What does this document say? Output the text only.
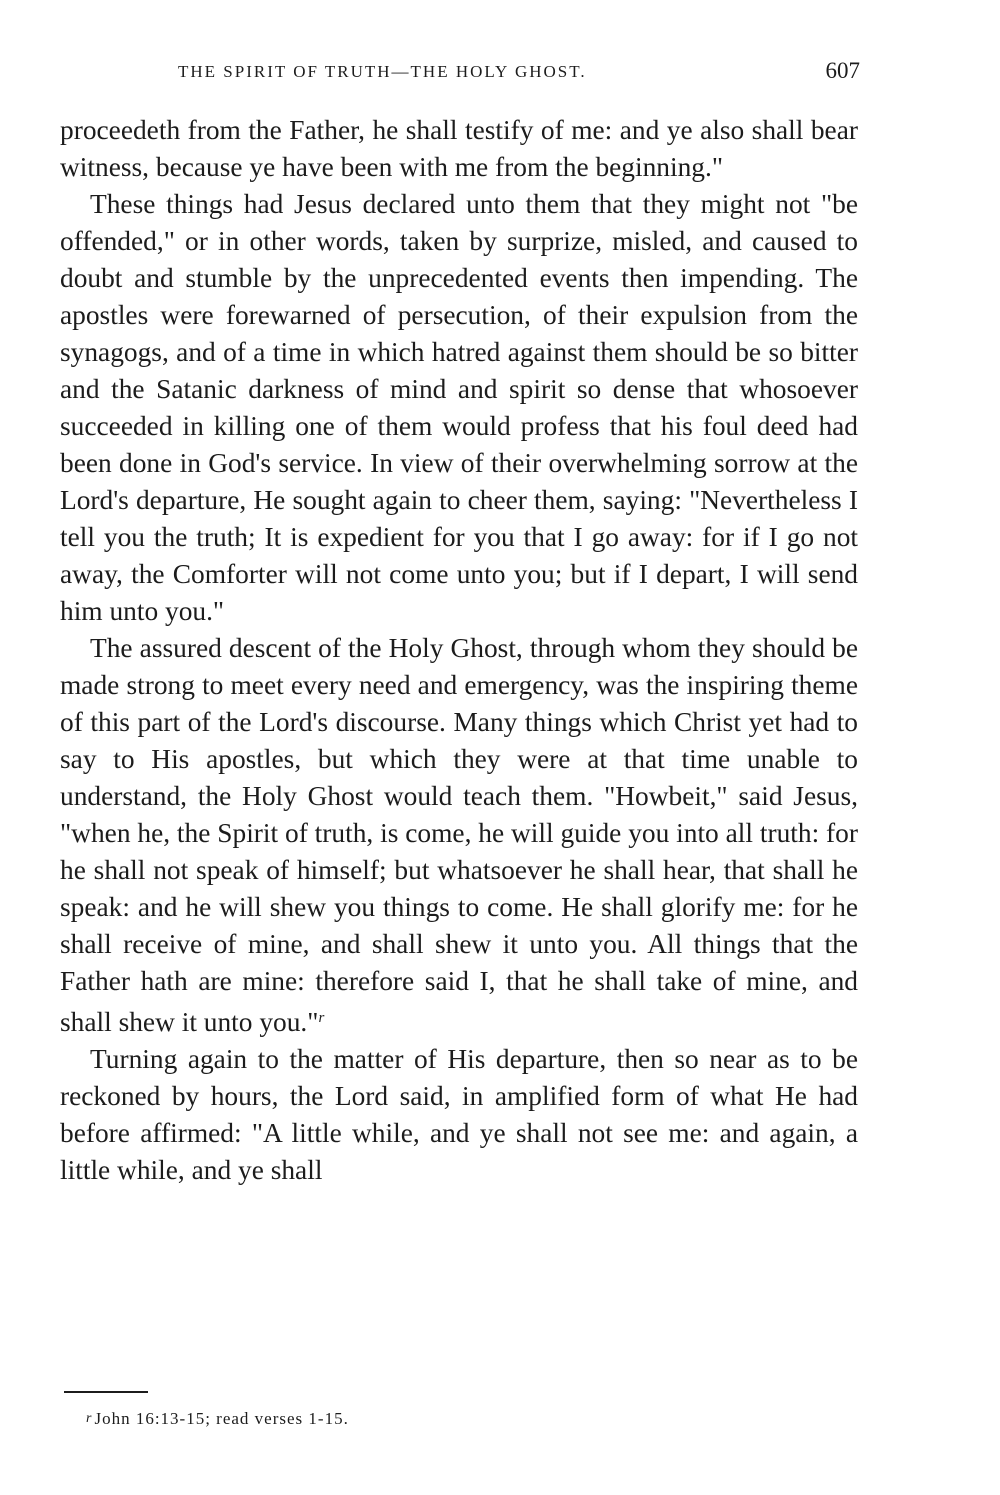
THE SPIRIT OF TRUTH—THE HOLY GHOST.	607

proceedeth from the Father, he shall testify of me: and ye also shall bear witness, because ye have been with me from the beginning."

These things had Jesus declared unto them that they might not "be offended," or in other words, taken by surprize, misled, and caused to doubt and stumble by the unprecedented events then impending. The apostles were forewarned of persecution, of their expulsion from the synagogs, and of a time in which hatred against them should be so bitter and the Satanic darkness of mind and spirit so dense that whosoever succeeded in killing one of them would profess that his foul deed had been done in God's service. In view of their overwhelming sorrow at the Lord's departure, He sought again to cheer them, saying: "Nevertheless I tell you the truth; It is expedient for you that I go away: for if I go not away, the Comforter will not come unto you; but if I depart, I will send him unto you."

The assured descent of the Holy Ghost, through whom they should be made strong to meet every need and emergency, was the inspiring theme of this part of the Lord's discourse. Many things which Christ yet had to say to His apostles, but which they were at that time unable to understand, the Holy Ghost would teach them. "Howbeit," said Jesus, "when he, the Spirit of truth, is come, he will guide you into all truth: for he shall not speak of himself; but whatsoever he shall hear, that shall he speak: and he will shew you things to come. He shall glorify me: for he shall receive of mine, and shall shew it unto you. All things that the Father hath are mine: therefore said I, that he shall take of mine, and shall shew it unto you."$^r$

Turning again to the matter of His departure, then so near as to be reckoned by hours, the Lord said, in amplified form of what He had before affirmed: "A little while, and ye shall not see me: and again, a little while, and ye shall

r John 16:13-15; read verses 1-15.
